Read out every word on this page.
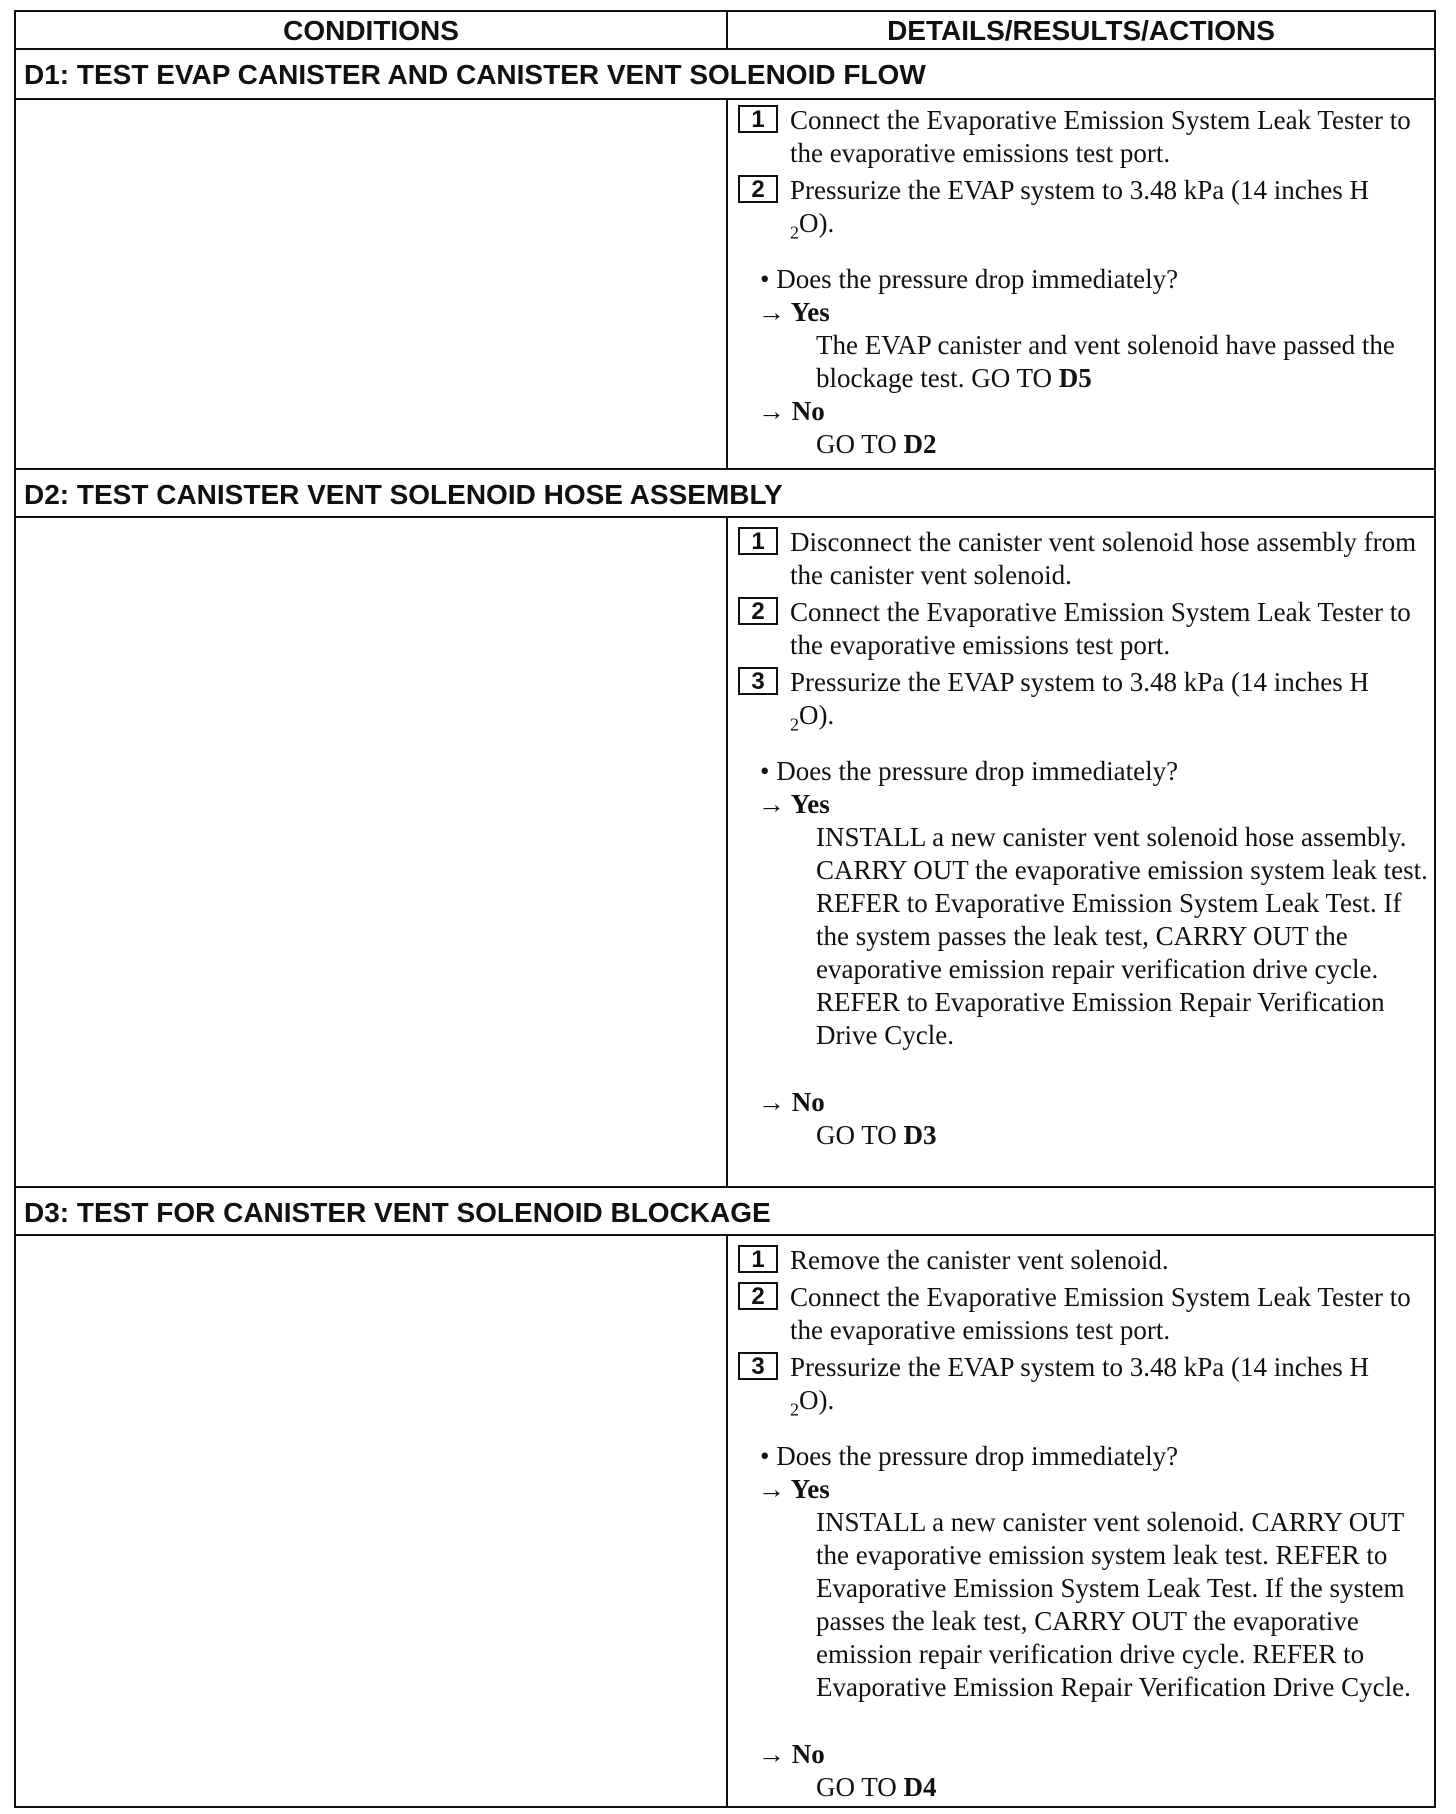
CONDITIONS	DETAILS/RESULTS/ACTIONS
D1: TEST EVAP CANISTER AND CANISTER VENT SOLENOID FLOW
1 Connect the Evaporative Emission System Leak Tester to the evaporative emissions test port.
2 Pressurize the EVAP system to 3.48 kPa (14 inches H
$_2$O).
• Does the pressure drop immediately?
→ Yes
The EVAP canister and vent solenoid have passed the blockage test. GO TO D5
→ No
GO TO D2
D2: TEST CANISTER VENT SOLENOID HOSE ASSEMBLY
1 Disconnect the canister vent solenoid hose assembly from the canister vent solenoid.
2 Connect the Evaporative Emission System Leak Tester to the evaporative emissions test port.
3 Pressurize the EVAP system to 3.48 kPa (14 inches H
$_2$O).
• Does the pressure drop immediately?
→ Yes
INSTALL a new canister vent solenoid hose assembly. CARRY OUT the evaporative emission system leak test. REFER to Evaporative Emission System Leak Test. If the system passes the leak test, CARRY OUT the evaporative emission repair verification drive cycle. REFER to Evaporative Emission Repair Verification Drive Cycle.
→ No
GO TO D3
D3: TEST FOR CANISTER VENT SOLENOID BLOCKAGE
1 Remove the canister vent solenoid.
2 Connect the Evaporative Emission System Leak Tester to the evaporative emissions test port.
3 Pressurize the EVAP system to 3.48 kPa (14 inches H
$_2$O).
• Does the pressure drop immediately?
→ Yes
INSTALL a new canister vent solenoid. CARRY OUT the evaporative emission system leak test. REFER to Evaporative Emission System Leak Test. If the system passes the leak test, CARRY OUT the evaporative emission repair verification drive cycle. REFER to Evaporative Emission Repair Verification Drive Cycle.
→ No
GO TO D4
